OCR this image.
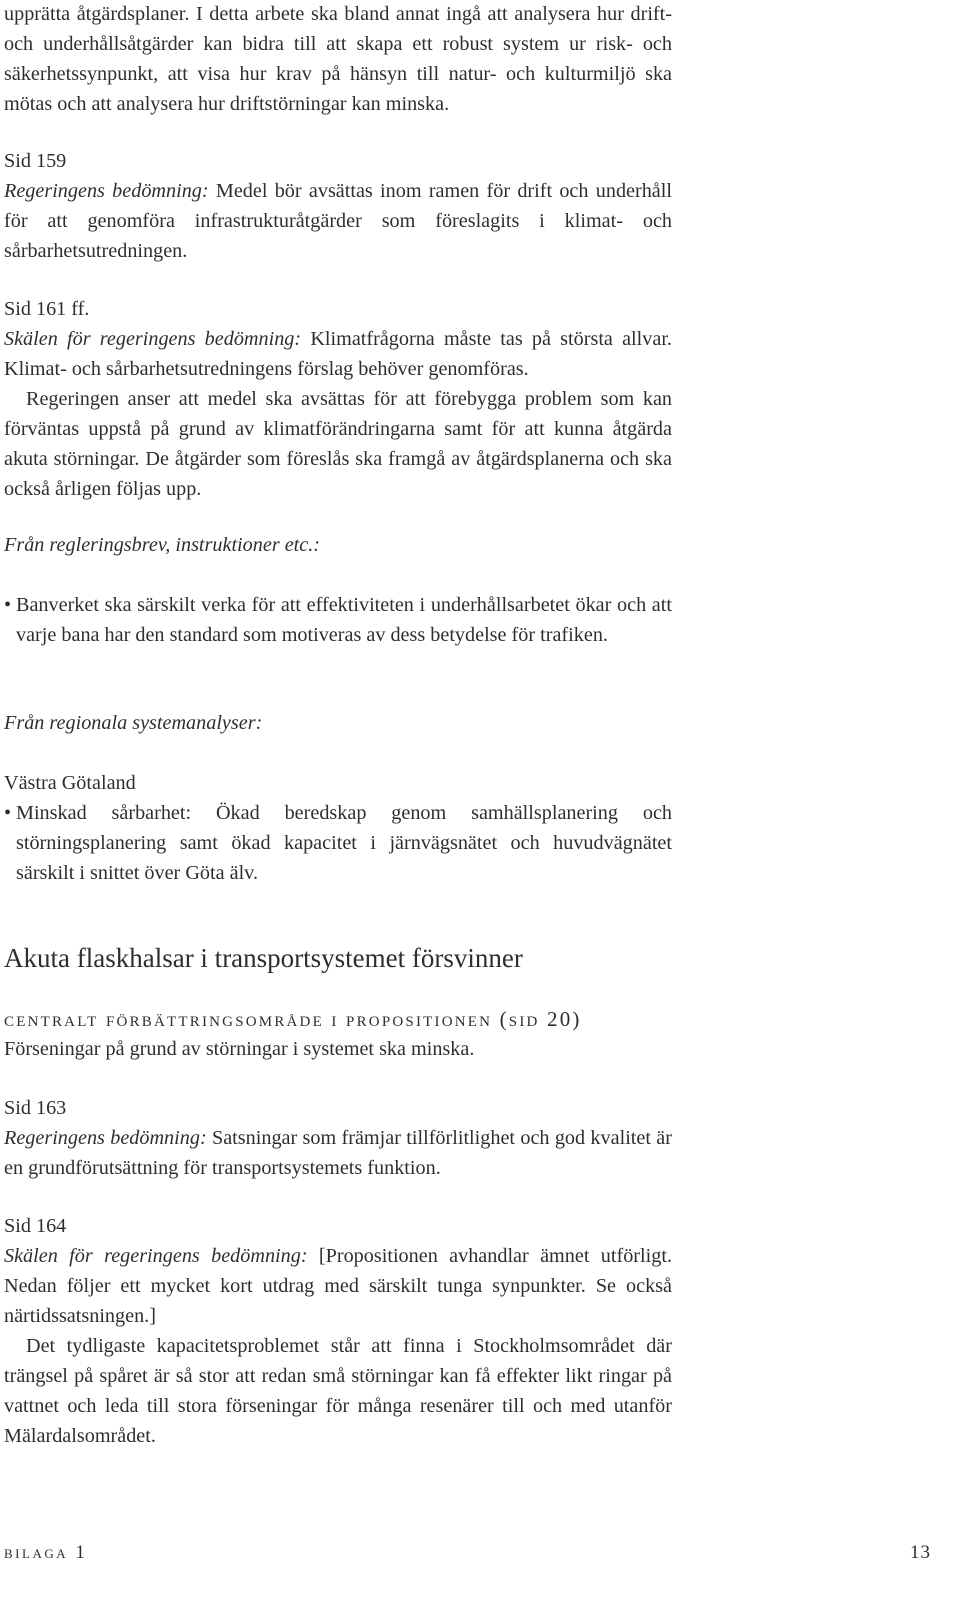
upprätta åtgärdsplaner. I detta arbete ska bland annat ingå att analysera hur drift- och underhållsåtgärder kan bidra till att skapa ett robust system ur risk- och säkerhetssynpunkt, att visa hur krav på hänsyn till natur- och kulturmiljö ska mötas och att analysera hur driftstörningar kan minska.

Sid 159

Regeringens bedömning: Medel bör avsättas inom ramen för drift och underhåll för att genomföra infrastrukturåtgärder som föreslagits i klimat- och sårbarhetsutredningen.

Sid 161 ff.

Skälen för regeringens bedömning: Klimatfrågorna måste tas på största allvar. Klimat- och sårbarhetsutredningens förslag behöver genomföras.

Regeringen anser att medel ska avsättas för att förebygga problem som kan förväntas uppstå på grund av klimatförändringarna samt för att kunna åtgärda akuta störningar. De åtgärder som föreslås ska framgå av åtgärdsplanerna och ska också årligen följas upp.

Från regleringsbrev, instruktioner etc.:
• Banverket ska särskilt verka för att effektiviteten i underhållsarbetet ökar och att varje bana har den standard som motiveras av dess betydelse för trafiken.
Från regionala systemanalyser:
Västra Götaland
• Minskad sårbarhet: Ökad beredskap genom samhällsplanering och störningsplanering samt ökad kapacitet i järnvägsnätet och huvudvägnätet särskilt i snittet över Göta älv.
Akuta flaskhalsar i transportsystemet försvinner
centralt förbättringsområde i propositionen (sid 20)
Förseningar på grund av störningar i systemet ska minska.
Sid 163

Regeringens bedömning: Satsningar som främjar tillförlitlighet och god kvalitet är en grundförutsättning för transportsystemets funktion.

Sid 164

Skälen för regeringens bedömning: [Propositionen avhandlar ämnet utförligt. Nedan följer ett mycket kort utdrag med särskilt tunga synpunkter. Se också närtidssatsningen.]

Det tydligaste kapacitetsproblemet står att finna i Stockholmsområdet där trängsel på spåret är så stor att redan små störningar kan få effekter likt ringar på vattnet och leda till stora förseningar för många resenärer till och med utanför Mälardalsområdet.

bilaga 1	13
